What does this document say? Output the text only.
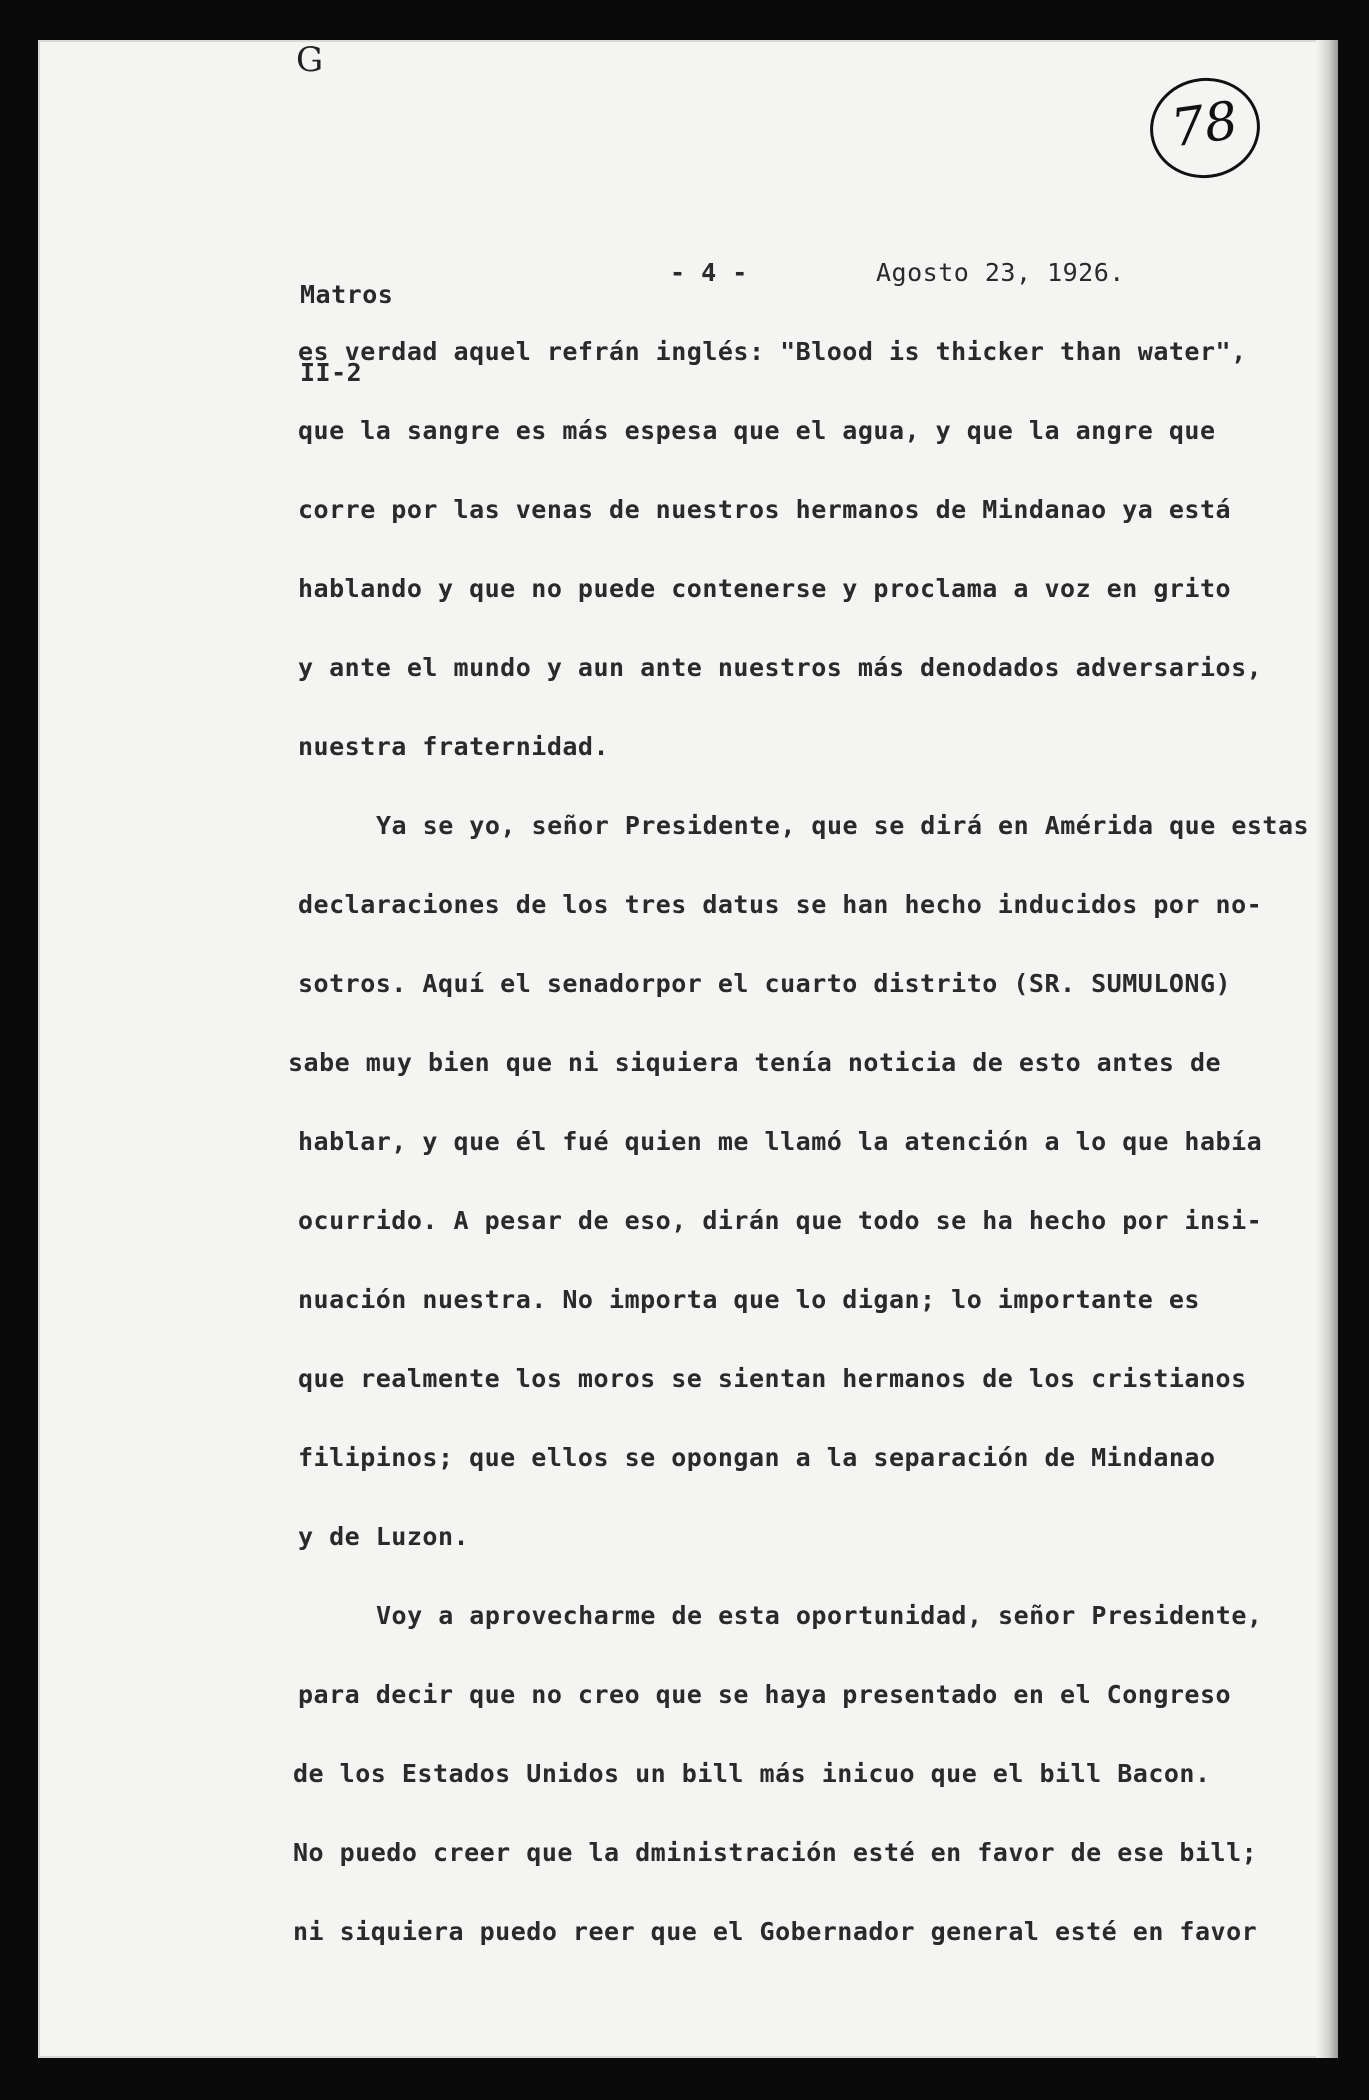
G
78

Matros

II-2

- 4 -	Agosto 23, 1926.
es verdad aquel refrán inglés: "Blood is thicker than water",
que la sangre es más espesa que el agua, y que la angre que
corre por las venas de nuestros hermanos de Mindanao ya está
hablando y que no puede contenerse y proclama a voz en grito
y ante el mundo y aun ante nuestros más denodados adversarios,
nuestra fraternidad.
Ya se yo, señor Presidente, que se dirá en Amérida que estas
declaraciones de los tres datus se han hecho inducidos por no-
sotros. Aquí el senadorpor el cuarto distrito (SR. SUMULONG)
sabe muy bien que ni siquiera tenía noticia de esto antes de
hablar, y que él fué quien me llamó la atención a lo que había
ocurrido. A pesar de eso, dirán que todo se ha hecho por insi-
nuación nuestra. No importa que lo digan; lo importante es
que realmente los moros se sientan hermanos de los cristianos
filipinos; que ellos se opongan a la separación de Mindanao
y de Luzon.
Voy a aprovecharme de esta oportunidad, señor Presidente,
para decir que no creo que se haya presentado en el Congreso
de los Estados Unidos un bill más inicuo que el bill Bacon.
No puedo creer que la dministración esté en favor de ese bill;
ni siquiera puedo reer que el Gobernador general esté en favor
